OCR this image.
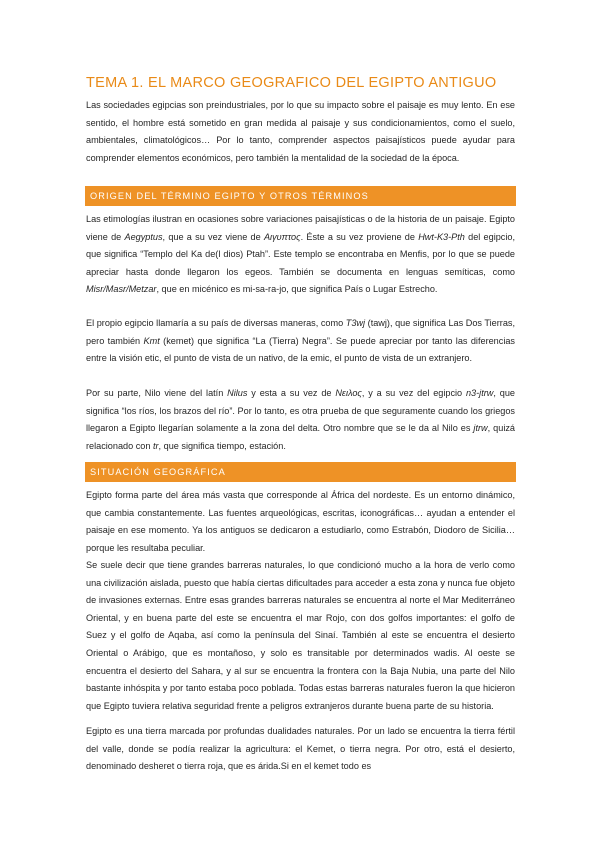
TEMA 1. EL MARCO GEOGRAFICO DEL EGIPTO ANTIGUO

Las sociedades egipcias son preindustriales, por lo que su impacto sobre el paisaje es muy lento. En ese sentido, el hombre está sometido en gran medida al paisaje y sus condicionamientos, como el suelo, ambientales, climatológicos… Por lo tanto, comprender aspectos paisajísticos puede ayudar para comprender elementos económicos, pero también la mentalidad de la sociedad de la época.

ORIGEN DEL TÉRMINO EGIPTO Y OTROS TÉRMINOS

Las etimologías ilustran en ocasiones sobre variaciones paisajísticas o de la historia de un paisaje. Egipto viene de Aegyptus, que a su vez viene de Αιγυπτος. Éste a su vez proviene de Hwt-K3-Pth del egipcio, que significa “Templo del Ka de(l dios) Ptah”. Este templo se encontraba en Menfis, por lo que se puede apreciar hasta donde llegaron los egeos. También se documenta en lenguas semíticas, como Misr/Masr/Metzar, que en micénico es mi-sa-ra-jo, que significa País o Lugar Estrecho.

El propio egipcio llamaría a su país de diversas maneras, como T3wj (tawj), que significa Las Dos Tierras, pero también Kmt (kemet) que significa “La (Tierra) Negra”. Se puede apreciar por tanto las diferencias entre la visión etic, el punto de vista de un nativo, de la emic, el punto de vista de un extranjero.

Por su parte, Nilo viene del latín Nilus y esta a su vez de Νειλος, y a su vez del egipcio n3-jtrw, que significa “los ríos, los brazos del río”. Por lo tanto, es otra prueba de que seguramente cuando los griegos llegaron a Egipto llegarían solamente a la zona del delta. Otro nombre que se le da al Nilo es jtrw, quizá relacionado con tr, que significa tiempo, estación.

SITUACIÓN GEOGRÁFICA

Egipto forma parte del área más vasta que corresponde al África del nordeste. Es un entorno dinámico, que cambia constantemente. Las fuentes arqueológicas, escritas, iconográficas… ayudan a entender el paisaje en ese momento. Ya los antiguos se dedicaron a estudiarlo, como Estrabón, Diodoro de Sicilia… porque les resultaba peculiar.

Se suele decir que tiene grandes barreras naturales, lo que condicionó mucho a la hora de verlo como una civilización aislada, puesto que había ciertas dificultades para acceder a esta zona y nunca fue objeto de invasiones externas. Entre esas grandes barreras naturales se encuentra al norte el Mar Mediterráneo Oriental, y en buena parte del este se encuentra el mar Rojo, con dos golfos importantes: el golfo de Suez y el golfo de Aqaba, así como la península del Sinaí. También al este se encuentra el desierto Oriental o Arábigo, que es montañoso, y solo es transitable por determinados wadis. Al oeste se encuentra el desierto del Sahara, y al sur se encuentra la frontera con la Baja Nubia, una parte del Nilo bastante inhóspita y por tanto estaba poco poblada. Todas estas barreras naturales fueron la que hicieron que Egipto tuviera relativa seguridad frente a peligros extranjeros durante buena parte de su historia.

Egipto es una tierra marcada por profundas dualidades naturales. Por un lado se encuentra la tierra fértil del valle, donde se podía realizar la agricultura: el Kemet, o tierra negra. Por otro, está el desierto, denominado desheret o tierra roja, que es árida.Si en el kemet todo es
